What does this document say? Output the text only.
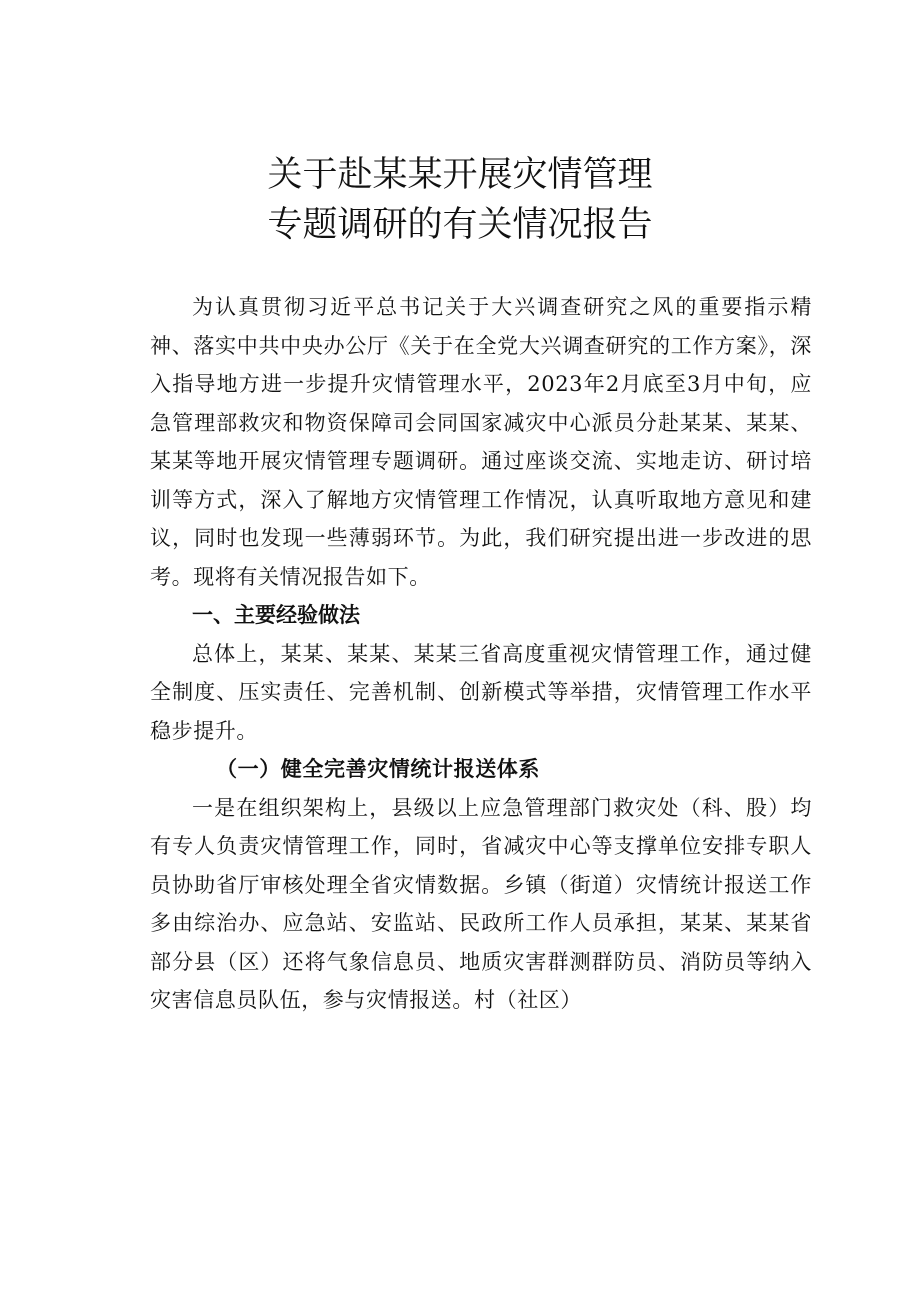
关于赴某某开展灾情管理
专题调研的有关情况报告

为认真贯彻习近平总书记关于大兴调查研究之风的重要指示精神、落实中共中央办公厅《关于在全党大兴调查研究的工作方案》，深入指导地方进一步提升灾情管理水平，2023年2月底至3月中旬，应急管理部救灾和物资保障司会同国家减灾中心派员分赴某某、某某、某某等地开展灾情管理专题调研。通过座谈交流、实地走访、研讨培训等方式，深入了解地方灾情管理工作情况，认真听取地方意见和建议，同时也发现一些薄弱环节。为此，我们研究提出进一步改进的思考。现将有关情况报告如下。

一、主要经验做法

总体上，某某、某某、某某三省高度重视灾情管理工作，通过健全制度、压实责任、完善机制、创新模式等举措，灾情管理工作水平稳步提升。

（一）健全完善灾情统计报送体系

一是在组织架构上，县级以上应急管理部门救灾处（科、股）均有专人负责灾情管理工作，同时，省减灾中心等支撑单位安排专职人员协助省厅审核处理全省灾情数据。乡镇（街道）灾情统计报送工作多由综治办、应急站、安监站、民政所工作人员承担，某某、某某省部分县（区）还将气象信息员、地质灾害群测群防员、消防员等纳入灾害信息员队伍，参与灾情报送。村（社区）
